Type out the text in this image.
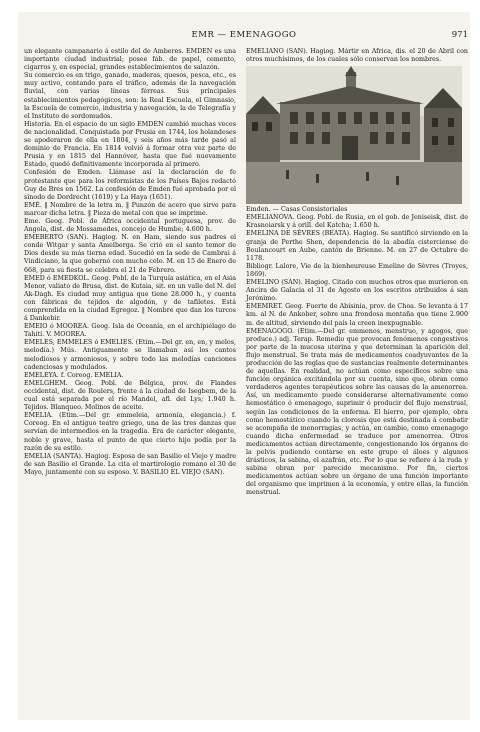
EMR — EMENAGOGO	971

un elegante campanario á estilo del de Amberes. EMDEN es una importante ciudad industrial; posee fáb. de papel, cemento, cigarros y, en especial, grandes establecimientos de salazón.

Su comercio es en trigo, ganado, maderas, quesos, pesca, etc., es muy activo, contando para el tráfico, además de la navegación fluvial, con varias líneas férreas. Sus principales establecimientos pedagógicos, son: la Real Escuela, el Gimnasio, la Escuela de comercio, industria y navegación, la de Telegrafía y el Instituto de sordomudos.

Historia. En el espacio de un siglo EMDEN cambió muchas veces de nacionalidad. Conquistada por Prusia en 1744, los holandeses se apoderaron de ella en 1804, y seis años más tarde pasó al dominio de Francia. En 1814 volvió á formar otra vez parte de Prusia y en 1815 del Hannóver, hasta que fué nuevamente Estado, quedó definitivamente incorporada al primero.

Confesión de Emden. Llámase así la declaración de fe protestante que para los reformistas de los Países Bajos redactó Guy de Bres en 1562. La confesión de Emden fué aprobada por el sínodo de Dordrecht (1619) y La Haya (1651).

EMÉ. ‖ Nombre de la letra m. ‖ Punzón de acero que sirve para marcar dicha letra. ‖ Pieza de metal con que se imprime.

Eme. Geog. Pobl. de África occidental portuguesa, prov. de Angola, dist. de Mossamedes, concejo de Humbe; 4.600 h.

EMEBERTO (SAN). Hagiog. N. en Ham, siendo sus padres el conde Witgar y santa Amelberga. Se crió en el santo temor de Dios desde su más tierna edad. Sucedió en la sede de Cambrai á Vindiciano, la que gobernó con mucho celo. M. en 15 de Enero de 668, para su fiesta se celebra el 21 de Febrero.

EMED ó EMEDKOL. Geog. Pobl. de la Turquía asiática, en el Asia Menor, valiato de Brusa, dist. de Kutaia, sit. en un valle del N. del Ak-Dagh. Es ciudad muy antigua que tiene 28.000 h., y cuenta con fábricas de tejidos de algodón, y de tafiletes. Está comprendida en la ciudad Egregoz. ‖ Nombre que dan los turcos á Dankebir.

EMEIO ó MOOREA. Geog. Isla de Oceanía, en el archipiélago de Tahití. V. MOOREA.

EMELES, EMMELES ó EMELIES. (Etim.—Del gr. en, en, y melos, melodía.) Mús. Antiguamente se llamaban así los cantos melodiosos y armoniosos, y sobre todo las melodías canciones cadenciosas y modulados.

EMELEYA. f. Coreog. EMELIA.

EMELGHEM. Geog. Pobl. de Bélgica, prov. de Flandes occidental, dist. de Roulers, frente á la ciudad de Isegbem, de la cual está separada por el río Mandel, afl. del Lys; 1.940 h. Tejidos. Blanqueo. Molinos de aceite.

EMELIA. (Etim.—Del gr. emmeleia, armonía, elegancia.) f. Coreog. En el antiguo teatro griego, una de las tres danzas que servían de intermedios en la tragedia. Era de carácter elegante, noble y grave, hasta el punto de que cierto hijo podía por la razón de su estilo.

EMELIA (SANTA). Hagiog. Esposa de san Basilio el Viejo y madre de san Basilio el Grande. La cita el martirologio romano el 30 de Mayo, juntamente con su esposo. V. BASILIO EL VIEJO (SAN).

EMELIANO (SAN). Hagiog. Mártir en Africa, dis. el 20 de Abril con otros muchísimos, de los cuales sólo conservan los nombres.

Emden. — Casas Consistoriales

EMELIANOVA. Geog. Pobl. de Rusia, en el gob. de Jeniseisk, dist. de Krasnoiarsk y á orill. del Katcha; 1.650 h.

EMELINA DE SÉVRES (BEATA). Hagiog. Se santificó sirviendo en la granja de Perthe Shen, dependencia de la abadía cisterciense de Boulancourt en Aube, cantón de Brienne. M. en 27 de Octubre de 1178.

Bibliogr. Lalore, Vie de la bienheureuse Emeline de Sèvres (Troyes, 1869).

EMELINO (SAN). Hagiog. Citado con muchos otros que murieron en Ancira de Galacia el 31 de Agosto en los escritos atribuidos á san Jerónimo.

EMEMRET. Geog. Fuerte de Abisinia, prov. de Choa. Se levanta á 17 km. al N. de Ankober, sobre una frondosa montaña que tiene 2.900 m. de altitud, sirviendo del país la creen inexpugnable.

EMENAGOGO. (Etim.—Del gr. emmenos, menstruo, y agogos, que produce.) adj. Terap. Remedio que provocan fenómenos congestivos por parte de la mucosa uterina y que determinan la aparición del flujo menstrual. Se trata más de medicamentos coadyuvantes de la producción de las reglas que de sustancias realmente determinantes de aquellas. En realidad, no actúan como específicos sobre una función orgánica excitándola por su cuenta, sino que, obran como verdaderos agentes terapéuticos sobre las causas de la amenorrea. Así, un medicamento puede considerarse alternativamente como hemostático ó emenagogo, suprimir ó producir del flujo menstrual, según las condiciones de la enferma. El hierro, por ejemplo, obra como hemostático cuando la clorosis que está destinada á combatir se acompaña de menorragias, y actúa, en cambio, como emenagogo cuando dicha enfermedad se traduce por amenorrea. Otros medicamentos actúan directamente, congestionando los órganos de la pelvis pudiendo contarse en este grupo el áloes y algunos drásticos, la sabina, el azafrán, etc. Por lo que se refiere á la ruda y sabina obran por parecido mecanismo. Por fin, ciertos medicamentos actúan sobre un órgano de una función importante del organismo que imprimen á la economía, y entre ellas, la función menstrual.
